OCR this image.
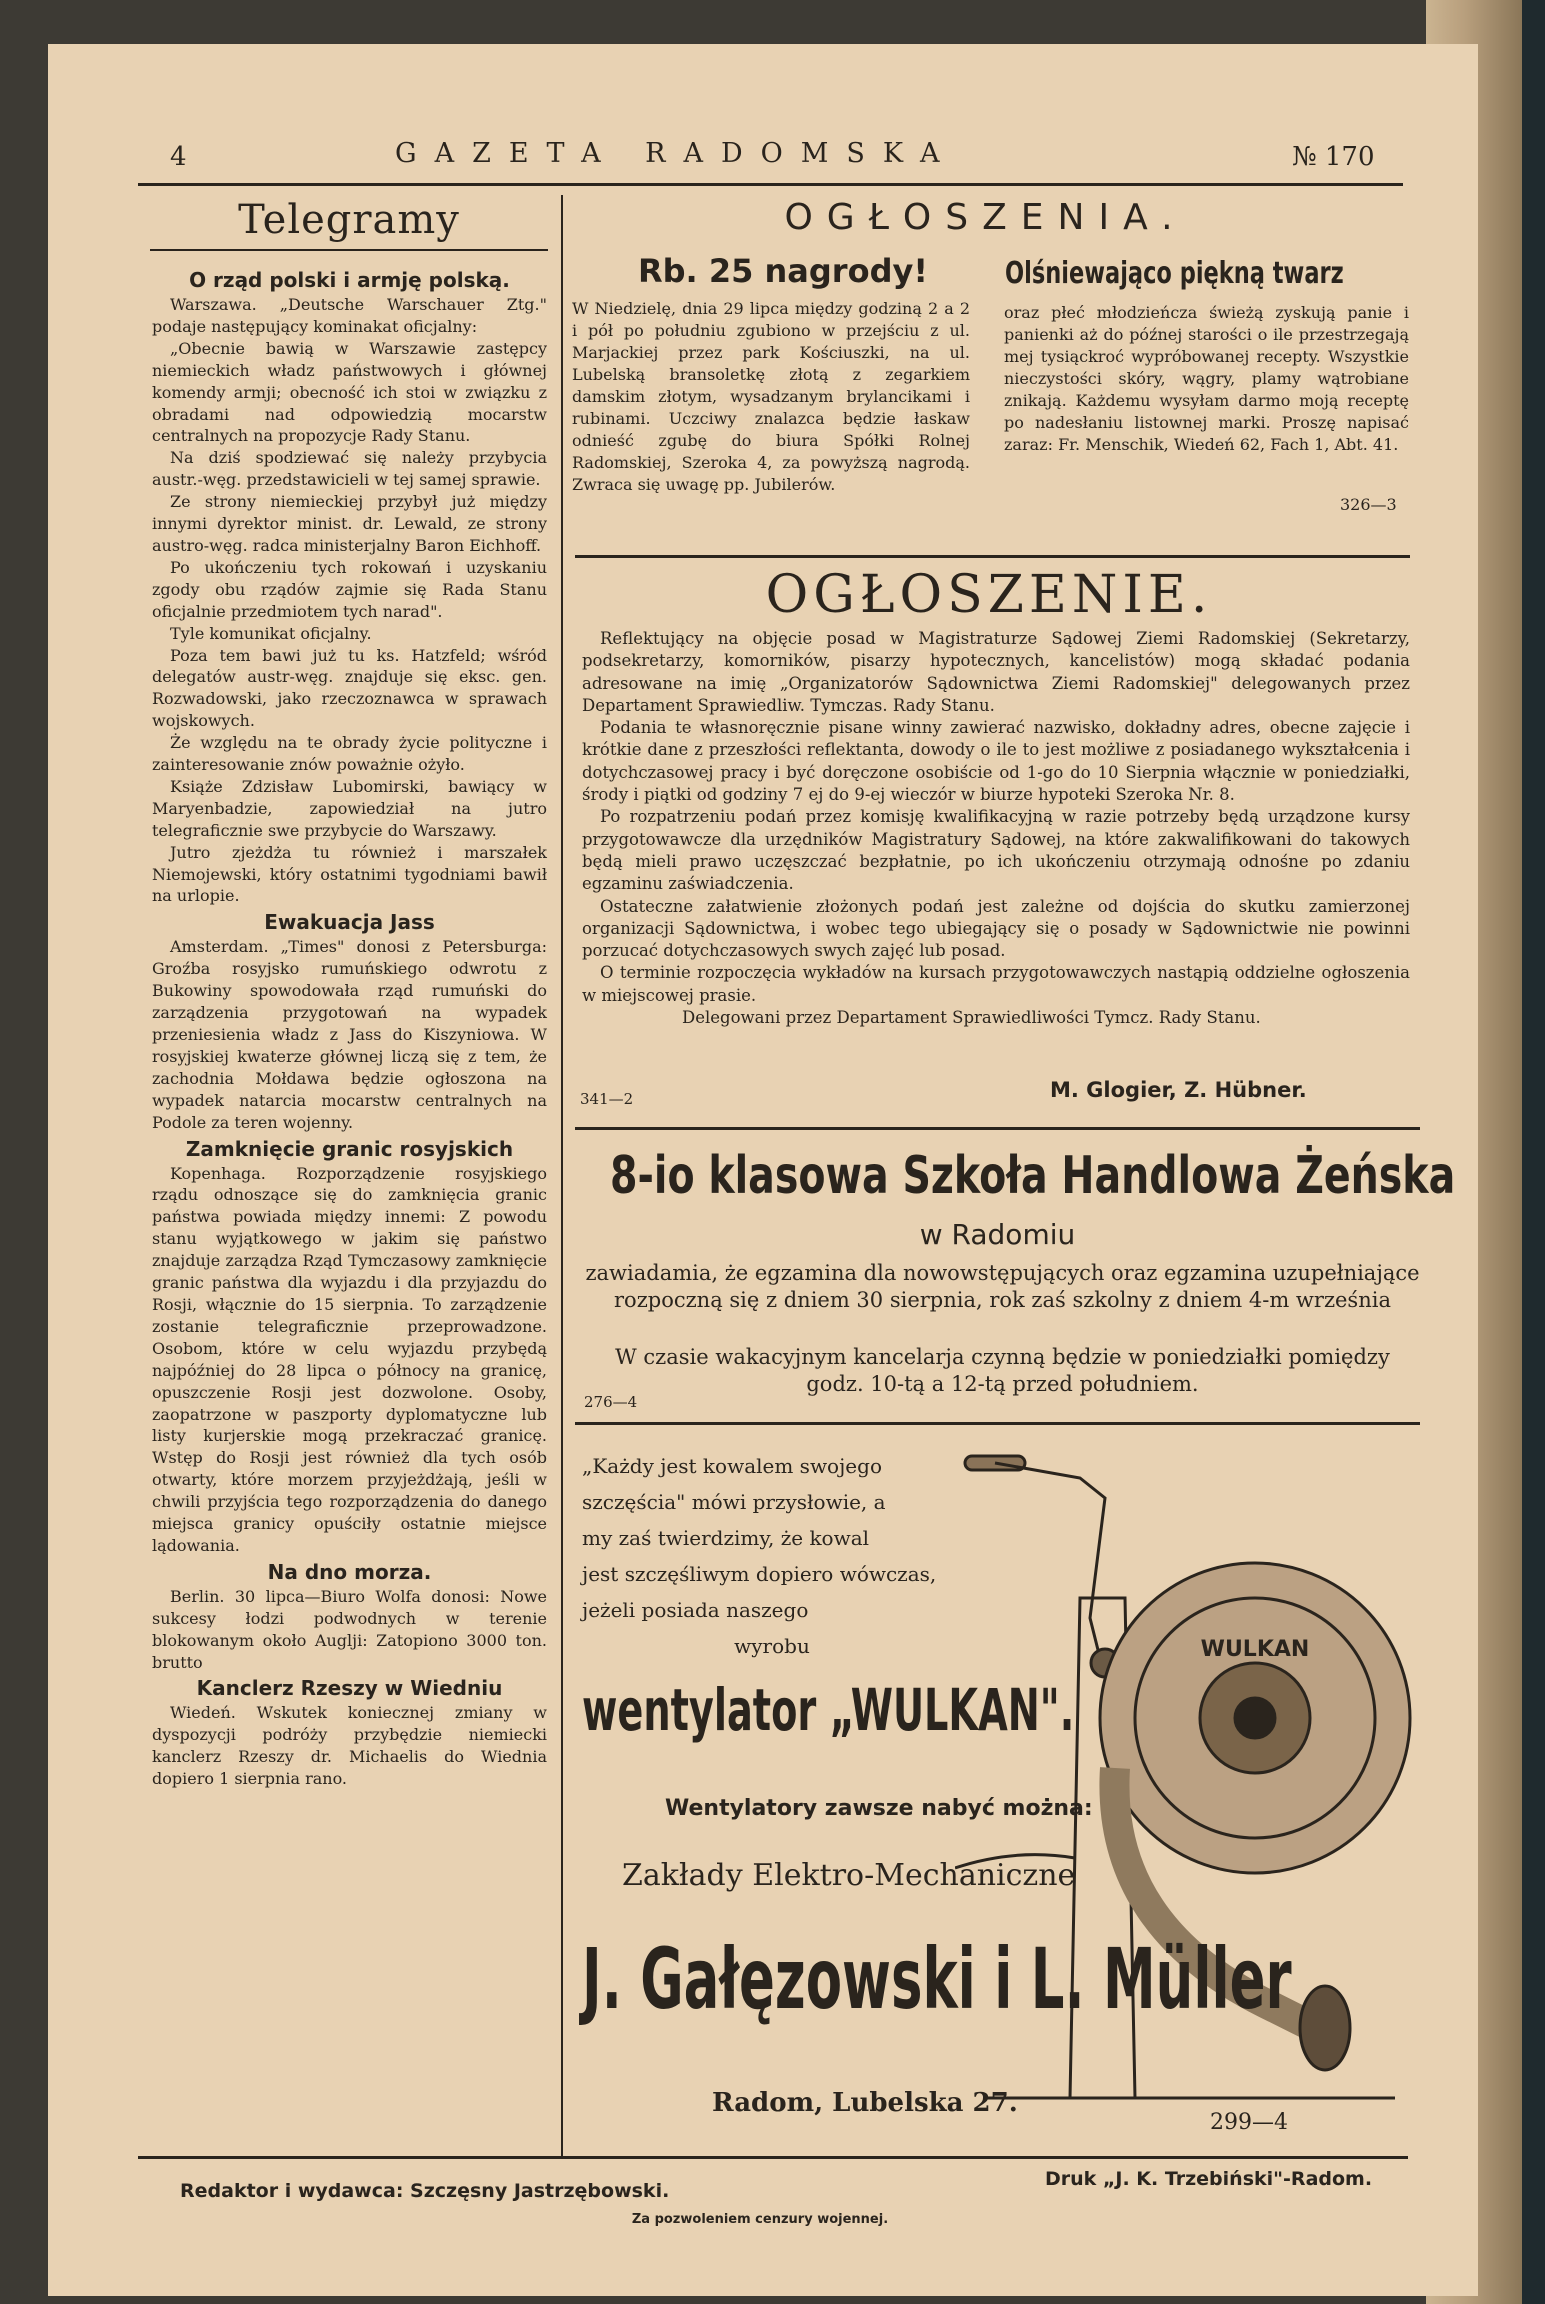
4	GAZETA RADOMSKA	№ 170
Telegramy
O rząd polski i armję polską.

Warszawa. „Deutsche Warschauer Ztg." podaje następujący kominakat oficjalny:

„Obecnie bawią w Warszawie zastępcy niemieckich władz państwowych i głównej komendy armji; obecność ich stoi w związku z obradami nad odpowiedzią mocarstw centralnych na propozycje Rady Stanu.

Na dziś spodziewać się należy przybycia austr.-węg. przedstawicieli w tej samej sprawie.

Ze strony niemieckiej przybył już między innymi dyrektor minist. dr. Lewald, ze strony austro-węg. radca ministerjalny Baron Eichhoff.

Po ukończeniu tych rokowań i uzyskaniu zgody obu rządów zajmie się Rada Stanu oficjalnie przedmiotem tych narad".

Tyle komunikat oficjalny.

Poza tem bawi już tu ks. Hatzfeld; wśród delegatów austr-węg. znajduje się eksc. gen. Rozwadowski, jako rzeczoznawca w sprawach wojskowych.

Że względu na te obrady życie polityczne i zainteresowanie znów poważnie ożyło.

Książe Zdzisław Lubomirski, bawiący w Maryenbadzie, zapowiedział na jutro telegraficznie swe przybycie do Warszawy.

Jutro zjeżdża tu również i marszałek Niemojewski, który ostatnimi tygodniami bawił na urlopie.

Ewakuacja Jass

Amsterdam. „Times" donosi z Petersburga: Groźba rosyjsko rumuńskiego odwrotu z Bukowiny spowodowała rząd rumuński do zarządzenia przygotowań na wypadek przeniesienia władz z Jass do Kiszyniowa. W rosyjskiej kwaterze głównej liczą się z tem, że zachodnia Mołdawa będzie ogłoszona na wypadek natarcia mocarstw centralnych na Podole za teren wojenny.

Zamknięcie granic rosyjskich

Kopenhaga. Rozporządzenie rosyjskiego rządu odnoszące się do zamknięcia granic państwa powiada między innemi: Z powodu stanu wyjątkowego w jakim się państwo znajduje zarządza Rząd Tymczasowy zamknięcie granic państwa dla wyjazdu i dla przyjazdu do Rosji, włącznie do 15 sierpnia. To zarządzenie zostanie telegraficznie przeprowadzone. Osobom, które w celu wyjazdu przybędą najpóźniej do 28 lipca o północy na granicę, opuszczenie Rosji jest dozwolone. Osoby, zaopatrzone w paszporty dyplomatyczne lub listy kurjerskie mogą przekraczać granicę. Wstęp do Rosji jest również dla tych osób otwarty, które morzem przyjeżdżają, jeśli w chwili przyjścia tego rozporządzenia do danego miejsca granicy opuściły ostatnie miejsce lądowania.

Na dno morza.

Berlin. 30 lipca—Biuro Wolfa donosi: Nowe sukcesy łodzi podwodnych w terenie blokowanym około Auglji: Zatopiono 3000 ton. brutto

Kanclerz Rzeszy w Wiedniu

Wiedeń. Wskutek koniecznej zmiany w dyspozycji podróży przybędzie niemiecki kanclerz Rzeszy dr. Michaelis do Wiednia dopiero 1 sierpnia rano.

OGŁOSZENIA.
Rb. 25 nagrody!

W Niedzielę, dnia 29 lipca między godziną 2 a 2 i pół po południu zgubiono w przejściu z ul. Marjackiej przez park Kościuszki, na ul. Lubelską bransoletkę złotą z zegarkiem damskim złotym, wysadzanym brylancikami i rubinami. Uczciwy znalazca będzie łaskaw odnieść zgubę do biura Spółki Rolnej Radomskiej, Szeroka 4, za powyższą nagrodą. Zwraca się uwagę pp. Jubilerów.

Olśniewająco piękną twarz

oraz płeć młodzieńcza świeżą zyskują panie i panienki aż do późnej starości o ile przestrzegają mej tysiąckroć wypróbowanej recepty. Wszystkie nieczystości skóry, wągry, plamy wątrobiane znikają. Każdemu wysyłam darmo moją receptę po nadesłaniu listownej marki. Proszę napisać zaraz: Fr. Menschik, Wiedeń 62, Fach 1, Abt. 41.

326—3
OGŁOSZENIE.

Reflektujący na objęcie posad w Magistraturze Sądowej Ziemi Radomskiej (Sekretarzy, podsekretarzy, komorników, pisarzy hypotecznych, kancelistów) mogą składać podania adresowane na imię „Organizatorów Sądownictwa Ziemi Radomskiej" delegowanych przez Departament Sprawiedliw. Tymczas. Rady Stanu.

Podania te własnoręcznie pisane winny zawierać nazwisko, dokładny adres, obecne zajęcie i krótkie dane z przeszłości reflektanta, dowody o ile to jest możliwe z posiadanego wykształcenia i dotychczasowej pracy i być doręczone osobiście od 1-go do 10 Sierpnia włącznie w poniedziałki, środy i piątki od godziny 7 ej do 9-ej wieczór w biurze hypoteki Szeroka Nr. 8.

Po rozpatrzeniu podań przez komisję kwalifikacyjną w razie potrzeby będą urządzone kursy przygotowawcze dla urzędników Magistratury Sądowej, na które zakwalifikowani do takowych będą mieli prawo uczęszczać bezpłatnie, po ich ukończeniu otrzymają odnośne po zdaniu egzaminu zaświadczenia.

Ostateczne załatwienie złożonych podań jest zależne od dojścia do skutku zamierzonej organizacji Sądownictwa, i wobec tego ubiegający się o posady w Sądownictwie nie powinni porzucać dotychczasowych swych zajęć lub posad.

O terminie rozpoczęcia wykładów na kursach przygotowawczych nastąpią oddzielne ogłoszenia w miejscowej prasie.

Delegowani przez Departament Sprawiedliwości Tymcz. Rady Stanu.

341—2	M. Glogier, Z. Hübner.
8-io klasowa Szkoła Handlowa Żeńska
w Radomiu

zawiadamia, że egzamina dla nowowstępujących oraz egzamina uzupełniające rozpoczną się z dniem 30 sierpnia, rok zaś szkolny z dniem 4-m września

W czasie wakacyjnym kancelarja czynną będzie w poniedziałki pomiędzy godz. 10-tą a 12-tą przed południem.

276—4
„Każdy jest kowalem swojego
szczęścia" mówi przysłowie, a
my zaś twierdzimy, że kowal
jest szczęśliwym dopiero wówczas, jeżeli posiada naszego
wyrobu	WULKAN
wentylator „WULKAN".
Wentylatory zawsze nabyć można:
Zakłady Elektro-Mechaniczne
J. Gałęzowski i L. Müller
Radom, Lubelska 27.
299—4
Redaktor i wydawca: Szczęsny Jastrzębowski.
Druk „J. K. Trzebiński"-Radom.
Za pozwoleniem cenzury wojennej.
